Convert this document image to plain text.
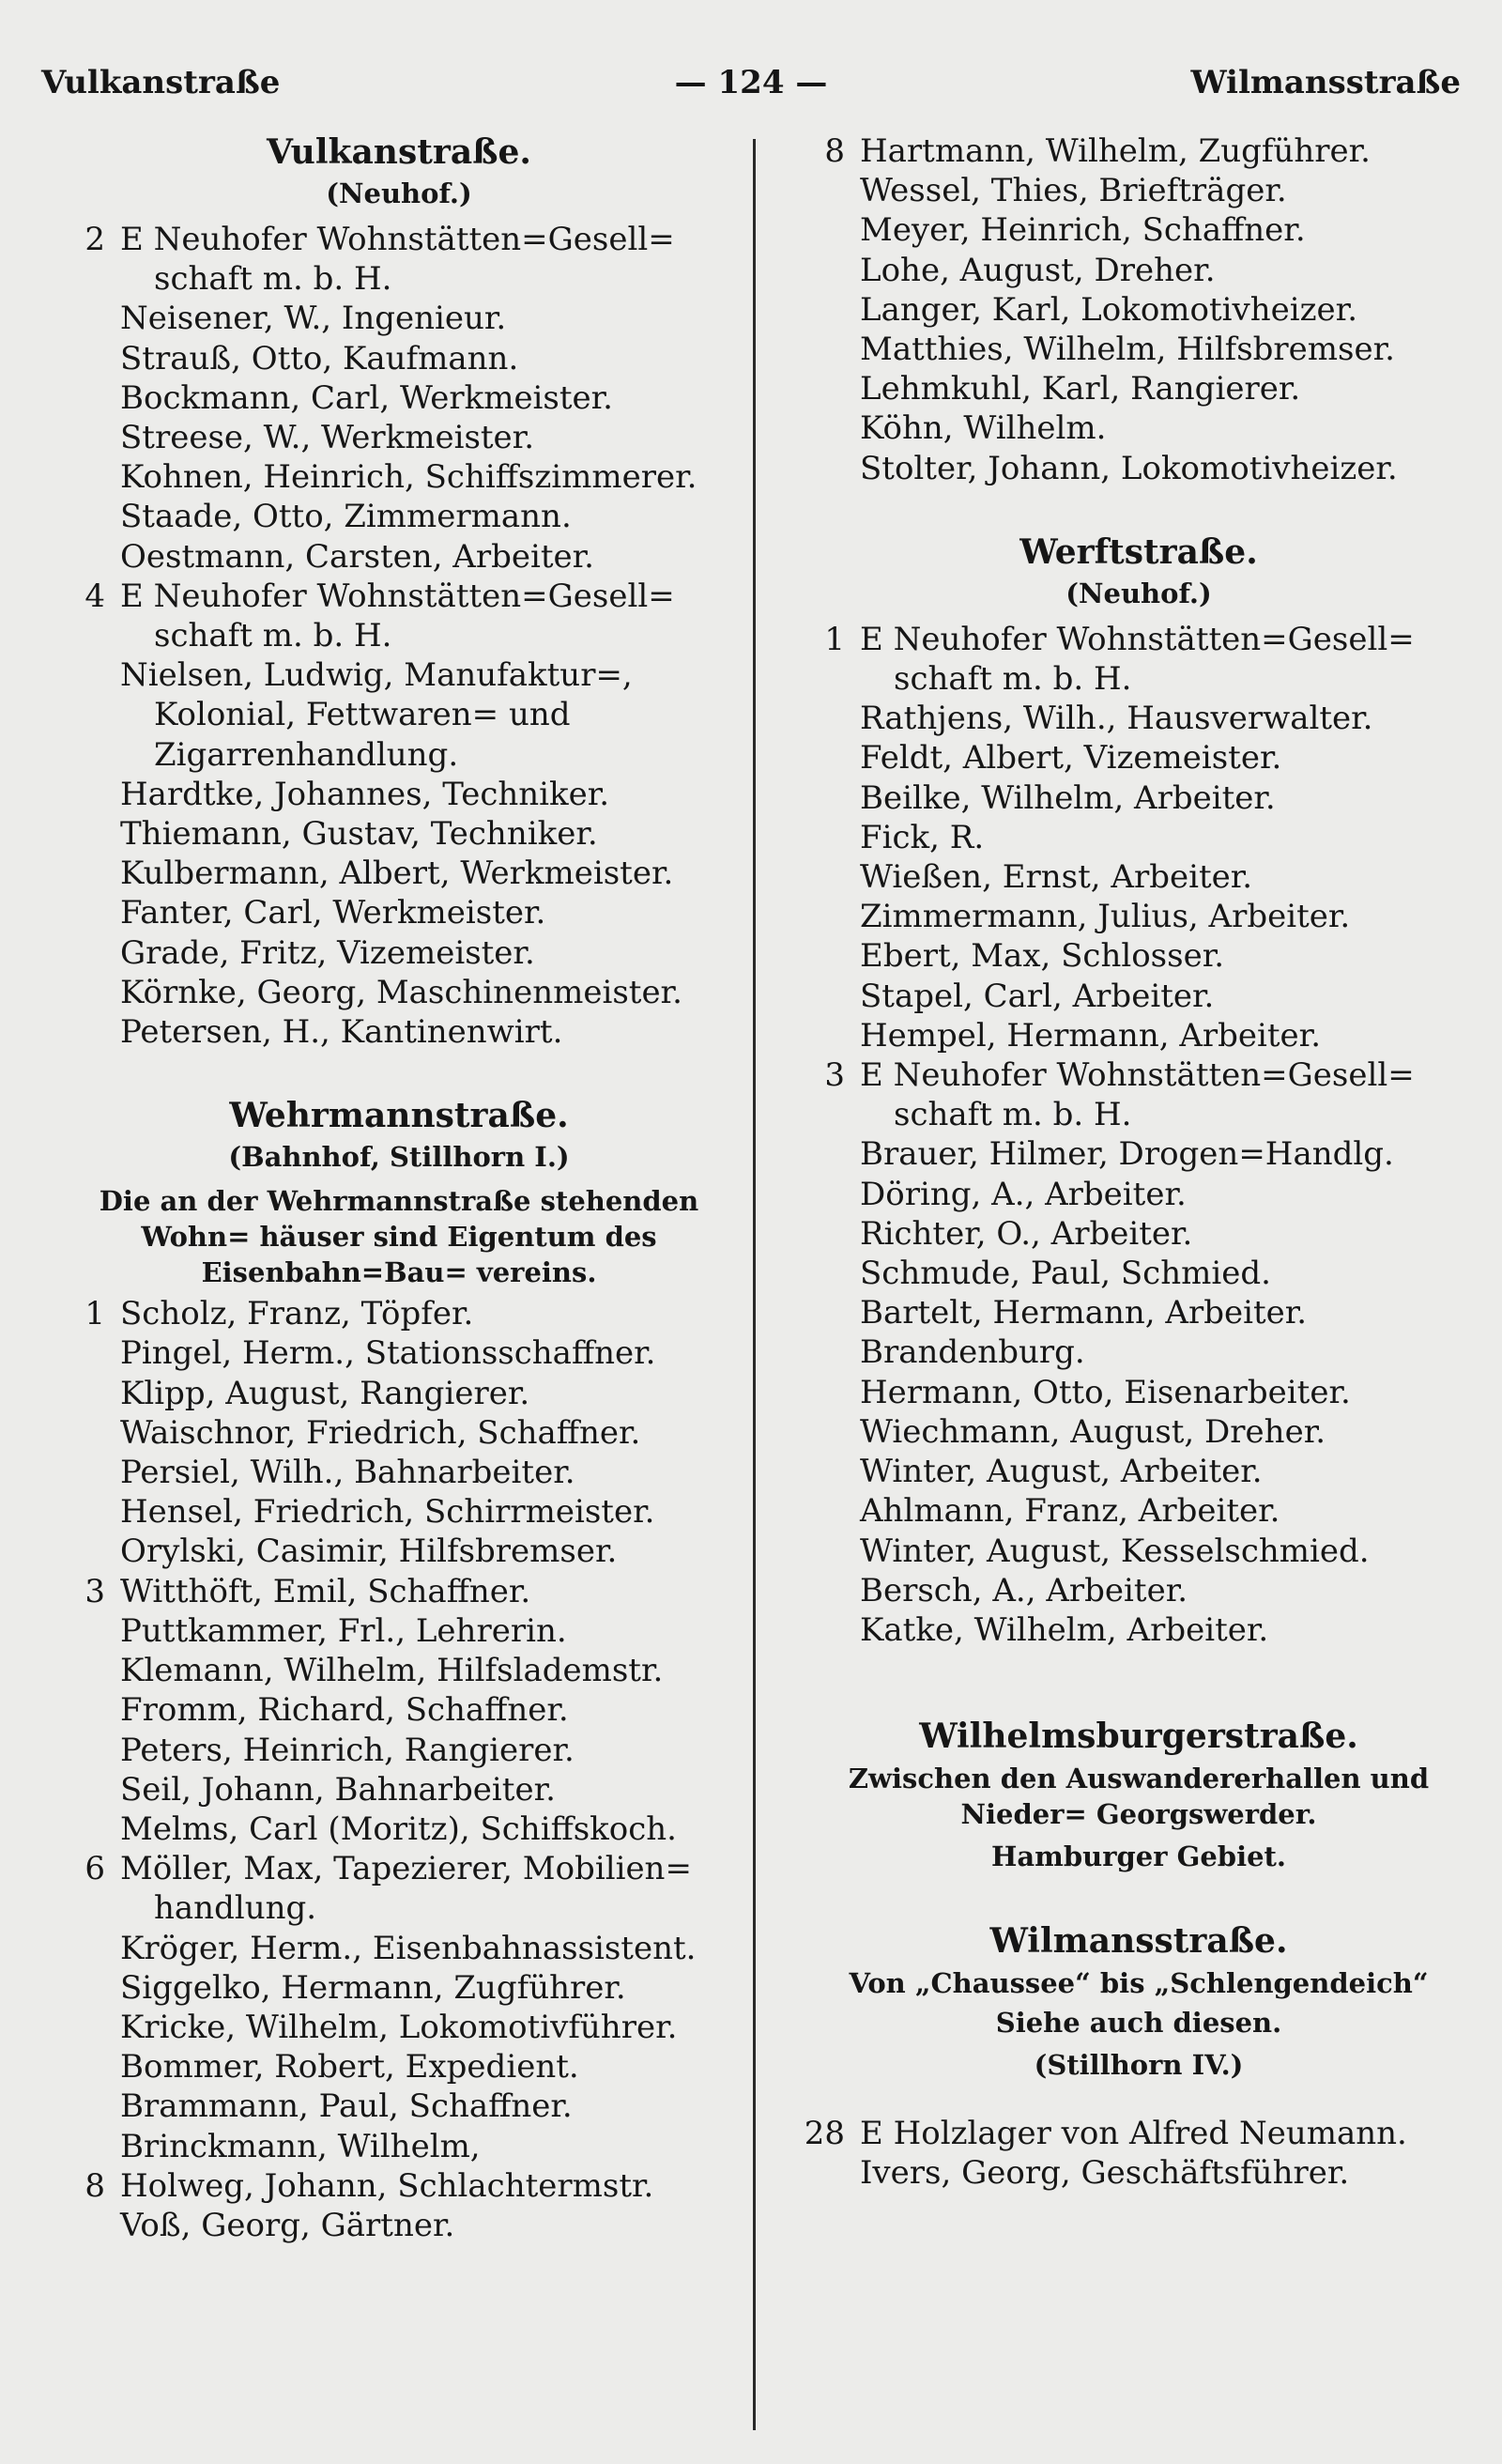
Vulkanstraße	— 124 —	Wilmansstraße

Vulkanstraße.

(Neuhof.)

2 E Neuhofer Wohnstätten=Gesell=
schaft m. b. H.
Neisener, W., Ingenieur.
Strauß, Otto, Kaufmann.
Bockmann, Carl, Werkmeister.
Streese, W., Werkmeister.
Kohnen, Heinrich, Schiffszimmerer.
Staade, Otto, Zimmermann.
Oestmann, Carsten, Arbeiter.
4 E Neuhofer Wohnstätten=Gesell=
schaft m. b. H.
Nielsen, Ludwig, Manufaktur=,
Kolonial, Fettwaren= und
Zigarrenhandlung.
Hardtke, Johannes, Techniker.
Thiemann, Gustav, Techniker.
Kulbermann, Albert, Werkmeister.
Fanter, Carl, Werkmeister.
Grade, Fritz, Vizemeister.
Körnke, Georg, Maschinenmeister.
Petersen, H., Kantinenwirt.

Wehrmannstraße.

(Bahnhof, Stillhorn I.)

Die an der Wehrmannstraße stehenden Wohn= häuser sind Eigentum des Eisenbahn=Bau= vereins.

1 Scholz, Franz, Töpfer.
Pingel, Herm., Stationsschaffner.
Klipp, August, Rangierer.
Waischnor, Friedrich, Schaffner.
Persiel, Wilh., Bahnarbeiter.
Hensel, Friedrich, Schirrmeister.
Orylski, Casimir, Hilfsbremser.
3 Witthöft, Emil, Schaffner.
Puttkammer, Frl., Lehrerin.
Klemann, Wilhelm, Hilfslademstr.
Fromm, Richard, Schaffner.
Peters, Heinrich, Rangierer.
Seil, Johann, Bahnarbeiter.
Melms, Carl (Moritz), Schiffskoch.
6 Möller, Max, Tapezierer, Mobilien=
handlung.
Kröger, Herm., Eisenbahnassistent.
Siggelko, Hermann, Zugführer.
Kricke, Wilhelm, Lokomotivführer.
Bommer, Robert, Expedient.
Brammann, Paul, Schaffner.
Brinckmann, Wilhelm,
8 Holweg, Johann, Schlachtermstr.
Voß, Georg, Gärtner.
8 Hartmann, Wilhelm, Zugführer.
Wessel, Thies, Briefträger.
Meyer, Heinrich, Schaffner.
Lohe, August, Dreher.
Langer, Karl, Lokomotivheizer.
Matthies, Wilhelm, Hilfsbremser.
Lehmkuhl, Karl, Rangierer.
Köhn, Wilhelm.
Stolter, Johann, Lokomotivheizer.

Werftstraße.

(Neuhof.)

1 E Neuhofer Wohnstätten=Gesell=
schaft m. b. H.
Rathjens, Wilh., Hausverwalter.
Feldt, Albert, Vizemeister.
Beilke, Wilhelm, Arbeiter.
Fick, R.
Wießen, Ernst, Arbeiter.
Zimmermann, Julius, Arbeiter.
Ebert, Max, Schlosser.
Stapel, Carl, Arbeiter.
Hempel, Hermann, Arbeiter.
3 E Neuhofer Wohnstätten=Gesell=
schaft m. b. H.
Brauer, Hilmer, Drogen=Handlg.
Döring, A., Arbeiter.
Richter, O., Arbeiter.
Schmude, Paul, Schmied.
Bartelt, Hermann, Arbeiter.
Brandenburg.
Hermann, Otto, Eisenarbeiter.
Wiechmann, August, Dreher.
Winter, August, Arbeiter.
Ahlmann, Franz, Arbeiter.
Winter, August, Kesselschmied.
Bersch, A., Arbeiter.
Katke, Wilhelm, Arbeiter.

Wilhelmsburgerstraße.

Zwischen den Auswandererhallen und Nieder= Georgswerder.

Hamburger Gebiet.

Wilmansstraße.

Von „Chaussee“ bis „Schlengendeich“

Siehe auch diesen.

(Stillhorn IV.)

28 E Holzlager von Alfred Neumann.
Ivers, Georg, Geschäftsführer.
